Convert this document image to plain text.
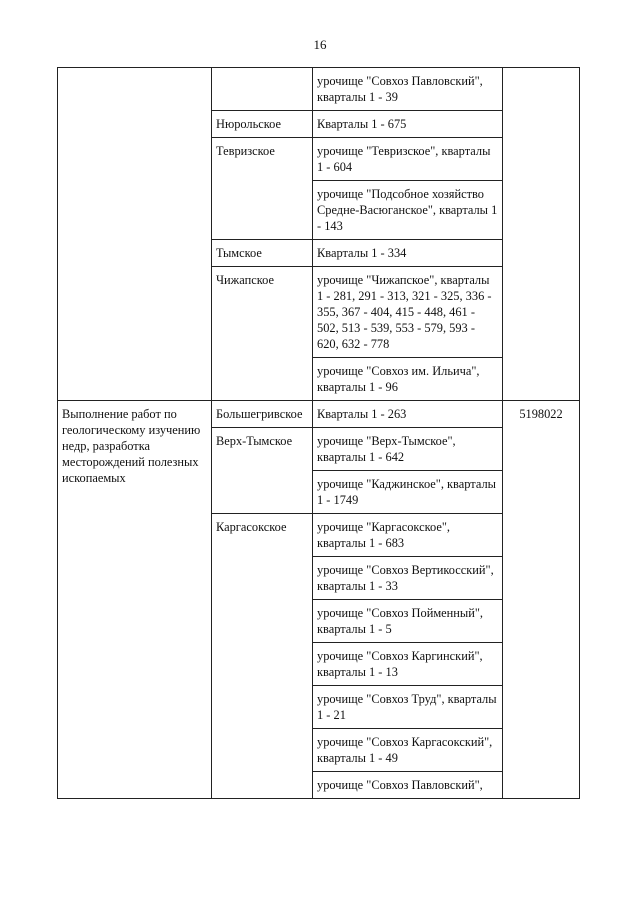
16
		урочище "Совхоз Павловский", кварталы 1 - 39	
	Нюрольское	Кварталы 1 - 675	
	Тевризское	урочище "Тевризское", кварталы 1 - 604	
		урочище "Подсобное хозяйство Средне-Васюганское", кварталы 1 - 143	
	Тымское	Кварталы 1 - 334	
	Чижапское	урочище "Чижапское", кварталы 1 - 281, 291 - 313, 321 - 325, 336 - 355, 367 - 404, 415 - 448, 461 - 502, 513 - 539, 553 - 579, 593 - 620, 632 - 778	
		урочище "Совхоз им. Ильича", кварталы 1 - 96	
Выполнение работ по геологическому изучению недр, разработка месторождений полезных ископаемых	Большегривское	Кварталы 1 - 263	5198022
	Верх-Тымское	урочище "Верх-Тымское", кварталы 1 - 642	
		урочище "Каджинское", кварталы 1 - 1749	
	Каргасокское	урочище "Каргасокское", кварталы 1 - 683	
		урочище "Совхоз Вертикосский", кварталы 1 - 33	
		урочище "Совхоз Пойменный", кварталы 1 - 5	
		урочище "Совхоз Каргинский", кварталы 1 - 13	
		урочище "Совхоз Труд", кварталы 1 - 21	
		урочище "Совхоз Каргасокский", кварталы 1 - 49	
		урочище "Совхоз Павловский",	
